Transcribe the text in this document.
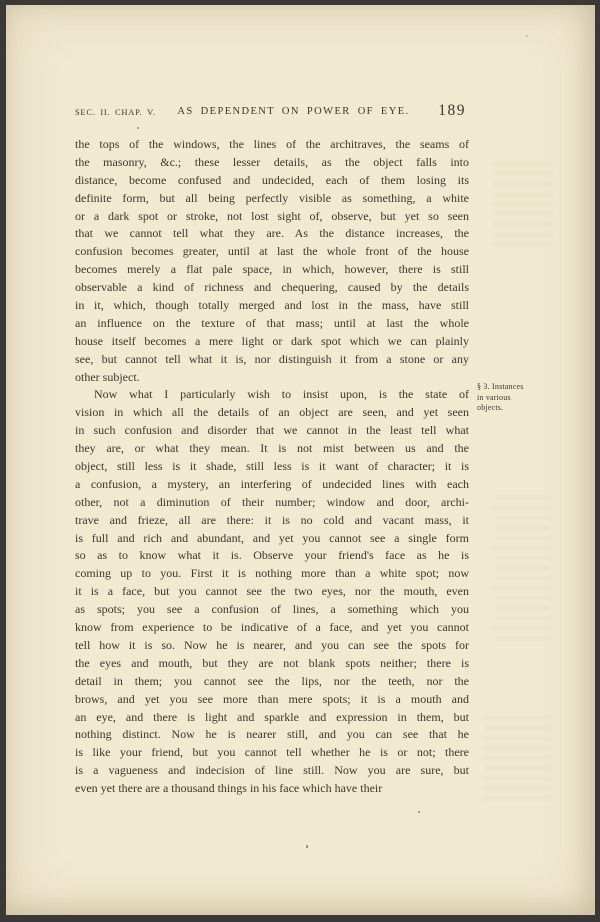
SEC. II. CHAP. V. AS DEPENDENT ON POWER OF EYE. 189
the tops of the windows, the lines of the architraves, the seams of
the masonry, &c.; these lesser details, as the object falls into
distance, become confused and undecided, each of them losing its
definite form, but all being perfectly visible as something, a white
or a dark spot or stroke, not lost sight of, observe, but yet so seen
that we cannot tell what they are. As the distance increases, the
confusion becomes greater, until at last the whole front of the house
becomes merely a flat pale space, in which, however, there is still
observable a kind of richness and chequering, caused by the details
in it, which, though totally merged and lost in the mass, have still
an influence on the texture of that mass; until at last the whole
house itself becomes a mere light or dark spot which we can plainly
see, but cannot tell what it is, nor distinguish it from a stone or any
other subject.
Now what I particularly wish to insist upon, is the state of
vision in which all the details of an object are seen, and yet seen
in such confusion and disorder that we cannot in the least tell what
they are, or what they mean. It is not mist between us and the
object, still less is it shade, still less is it want of character; it is
a confusion, a mystery, an interfering of undecided lines with each
other, not a diminution of their number; window and door, archi-
trave and frieze, all are there: it is no cold and vacant mass, it
is full and rich and abundant, and yet you cannot see a single form
so as to know what it is. Observe your friend's face as he is
coming up to you. First it is nothing more than a white spot; now
it is a face, but you cannot see the two eyes, nor the mouth, even
as spots; you see a confusion of lines, a something which you
know from experience to be indicative of a face, and yet you cannot
tell how it is so. Now he is nearer, and you can see the spots for
the eyes and mouth, but they are not blank spots neither; there is
detail in them; you cannot see the lips, nor the teeth, nor the
brows, and yet you see more than mere spots; it is a mouth and
an eye, and there is light and sparkle and expression in them, but
nothing distinct. Now he is nearer still, and you can see that he
is like your friend, but you cannot tell whether he is or not; there
is a vagueness and indecision of line still. Now you are sure, but
even yet there are a thousand things in his face which have their
§ 3. Instances
in various
objects.
